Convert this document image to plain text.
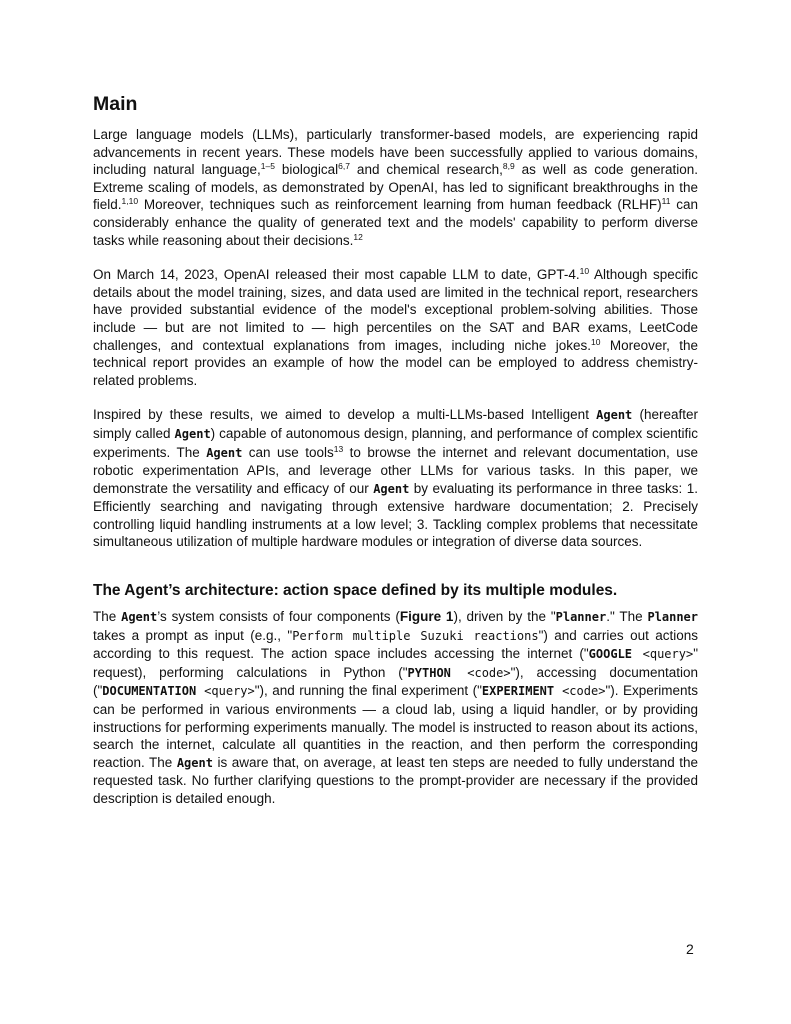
Main

Large language models (LLMs), particularly transformer-based models, are experiencing rapid advancements in recent years. These models have been successfully applied to various domains, including natural language,$^{1-5}$ biological$^{6,7}$ and chemical research,$^{8,9}$ as well as code generation. Extreme scaling of models, as demonstrated by OpenAI, has led to significant breakthroughs in the field.$^{1,10}$ Moreover, techniques such as reinforcement learning from human feedback (RLHF)$^{11}$ can considerably enhance the quality of generated text and the models' capability to perform diverse tasks while reasoning about their decisions.$^{12}$

On March 14, 2023, OpenAI released their most capable LLM to date, GPT-4.10 Although specific details about the model training, sizes, and data used are limited in the technical report, researchers have provided substantial evidence of the model's exceptional problem-solving abilities. Those include — but are not limited to — high percentiles on the SAT and BAR exams, LeetCode challenges, and contextual explanations from images, including niche jokes.$^{10}$ Moreover, the technical report provides an example of how the model can be employed to address chemistry-related problems.

Inspired by these results, we aimed to develop a multi-LLMs-based Intelligent Agent (hereafter simply called Agent) capable of autonomous design, planning, and performance of complex scientific experiments. The Agent can use tools$^{13}$ to browse the internet and relevant documentation, use robotic experimentation APIs, and leverage other LLMs for various tasks. In this paper, we demonstrate the versatility and efficacy of our Agent by evaluating its performance in three tasks: 1. Efficiently searching and navigating through extensive hardware documentation; 2. Precisely controlling liquid handling instruments at a low level; 3. Tackling complex problems that necessitate simultaneous utilization of multiple hardware modules or integration of diverse data sources.

The Agent’s architecture: action space defined by its multiple modules.

The Agent’s system consists of four components (Figure 1), driven by the "Planner." The Planner takes a prompt as input (e.g., "Perform multiple Suzuki reactions") and carries out actions according to this request. The action space includes accessing the internet ("GOOGLE <query>" request), performing calculations in Python ("PYTHON <code>"), accessing documentation ("DOCUMENTATION <query>"), and running the final experiment ("EXPERIMENT <code>"). Experiments can be performed in various environments — a cloud lab, using a liquid handler, or by providing instructions for performing experiments manually. The model is instructed to reason about its actions, search the internet, calculate all quantities in the reaction, and then perform the corresponding reaction. The Agent is aware that, on average, at least ten steps are needed to fully understand the requested task. No further clarifying questions to the prompt-provider are necessary if the provided description is detailed enough.

2
